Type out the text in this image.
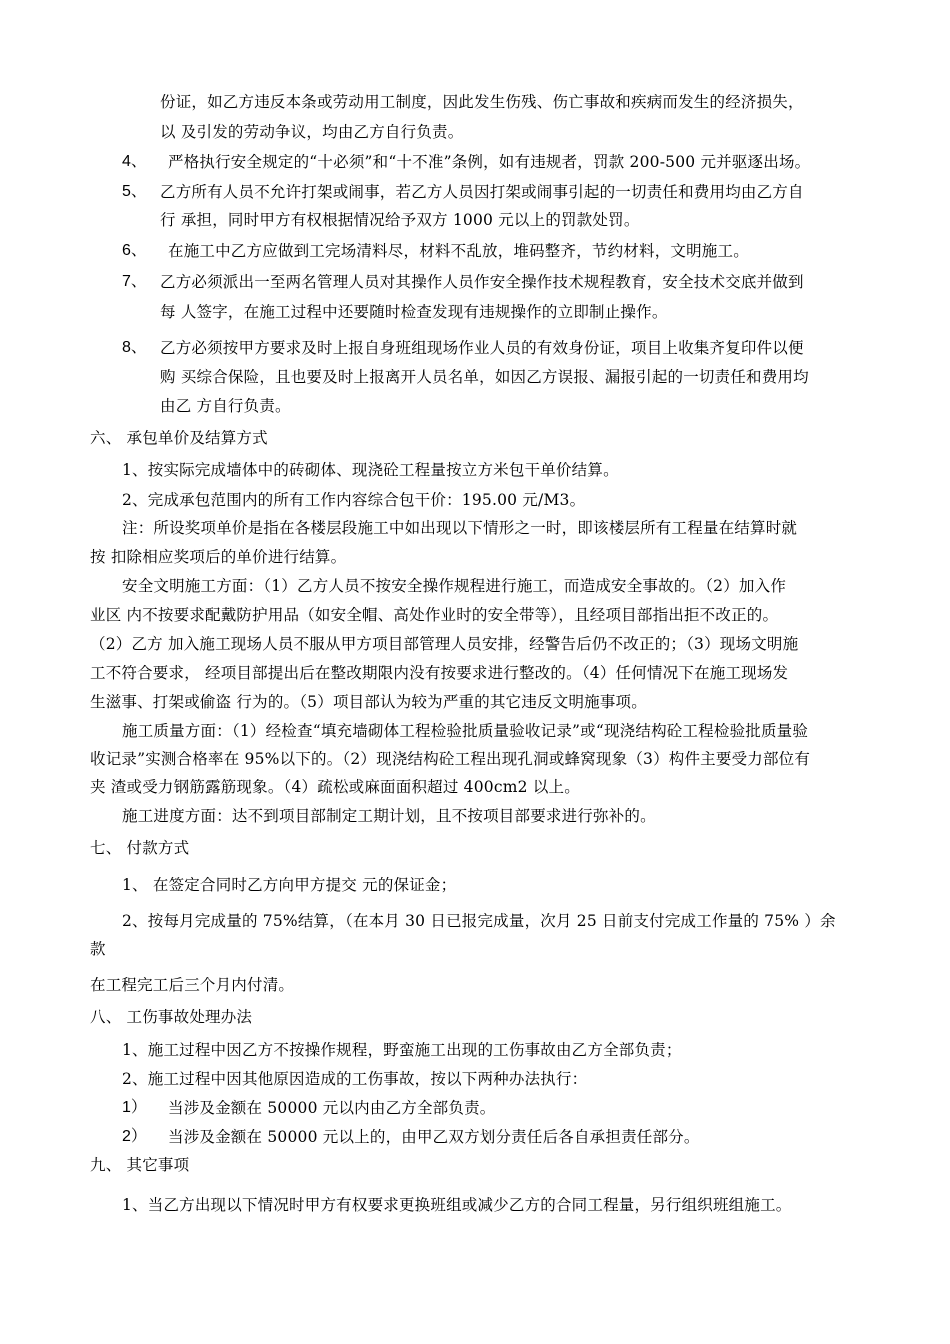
份证，如乙方违反本条或劳动用工制度，因此发生伤残、伤亡事故和疾病而发生的经济损失，
以 及引发的劳动争议，均由乙方自行负责。
4、 严格执行安全规定的“十必须”和“十不准”条例，如有违规者，罚款 200-500 元并驱逐出场。
5、 乙方所有人员不允许打架或闹事，若乙方人员因打架或闹事引起的一切责任和费用均由乙方自
行 承担，同时甲方有权根据情况给予双方 1000 元以上的罚款处罚。
6、 在施工中乙方应做到工完场清料尽，材料不乱放，堆码整齐，节约材料，文明施工。
7、 乙方必须派出一至两名管理人员对其操作人员作安全操作技术规程教育，安全技术交底并做到
每 人签字，在施工过程中还要随时检查发现有违规操作的立即制止操作。
8、 乙方必须按甲方要求及时上报自身班组现场作业人员的有效身份证，项目上收集齐复印件以便
购 买综合保险，且也要及时上报离开人员名单，如因乙方误报、漏报引起的一切责任和费用均
由乙 方自行负责。
六、 承包单价及结算方式
1、按实际完成墙体中的砖砌体、现浇砼工程量按立方米包干单价结算。
2、完成承包范围内的所有工作内容综合包干价：195.00 元/M3。
注：所设奖项单价是指在各楼层段施工中如出现以下情形之一时，即该楼层所有工程量在结算时就
按 扣除相应奖项后的单价进行结算。
安全文明施工方面：（1）乙方人员不按安全操作规程进行施工，而造成安全事故的。（2）加入作
业区 内不按要求配戴防护用品（如安全帽、高处作业时的安全带等），且经项目部指出拒不改正的。
（2）乙方 加入施工现场人员不服从甲方项目部管理人员安排，经警告后仍不改正的；（3）现场文明施
工不符合要求， 经项目部提出后在整改期限内没有按要求进行整改的。（4）任何情况下在施工现场发
生滋事、打架或偷盗 行为的。（5）项目部认为较为严重的其它违反文明施事项。
施工质量方面：（1）经检查“填充墙砌体工程检验批质量验收记录”或“现浇结构砼工程检验批质量验
收记录”实测合格率在 95%以下的。（2）现浇结构砼工程出现孔洞或蜂窝现象（3）构件主要受力部位有
夹 渣或受力钢筋露筋现象。（4）疏松或麻面面积超过 400cm2 以上。
施工进度方面：达不到项目部制定工期计划，且不按项目部要求进行弥补的。
七、 付款方式
1、 在签定合同时乙方向甲方提交 元的保证金；
2、按每月完成量的 75%结算，（在本月 30 日已报完成量，次月 25 日前支付完成工作量的 75% ）余
款
在工程完工后三个月内付清。
八、 工伤事故处理办法
1、施工过程中因乙方不按操作规程，野蛮施工出现的工伤事故由乙方全部负责；
2、施工过程中因其他原因造成的工伤事故，按以下两种办法执行：
1） 当涉及金额在 50000 元以内由乙方全部负责。
2） 当涉及金额在 50000 元以上的，由甲乙双方划分责任后各自承担责任部分。
九、 其它事项
1、当乙方出现以下情况时甲方有权要求更换班组或减少乙方的合同工程量，另行组织班组施工。
